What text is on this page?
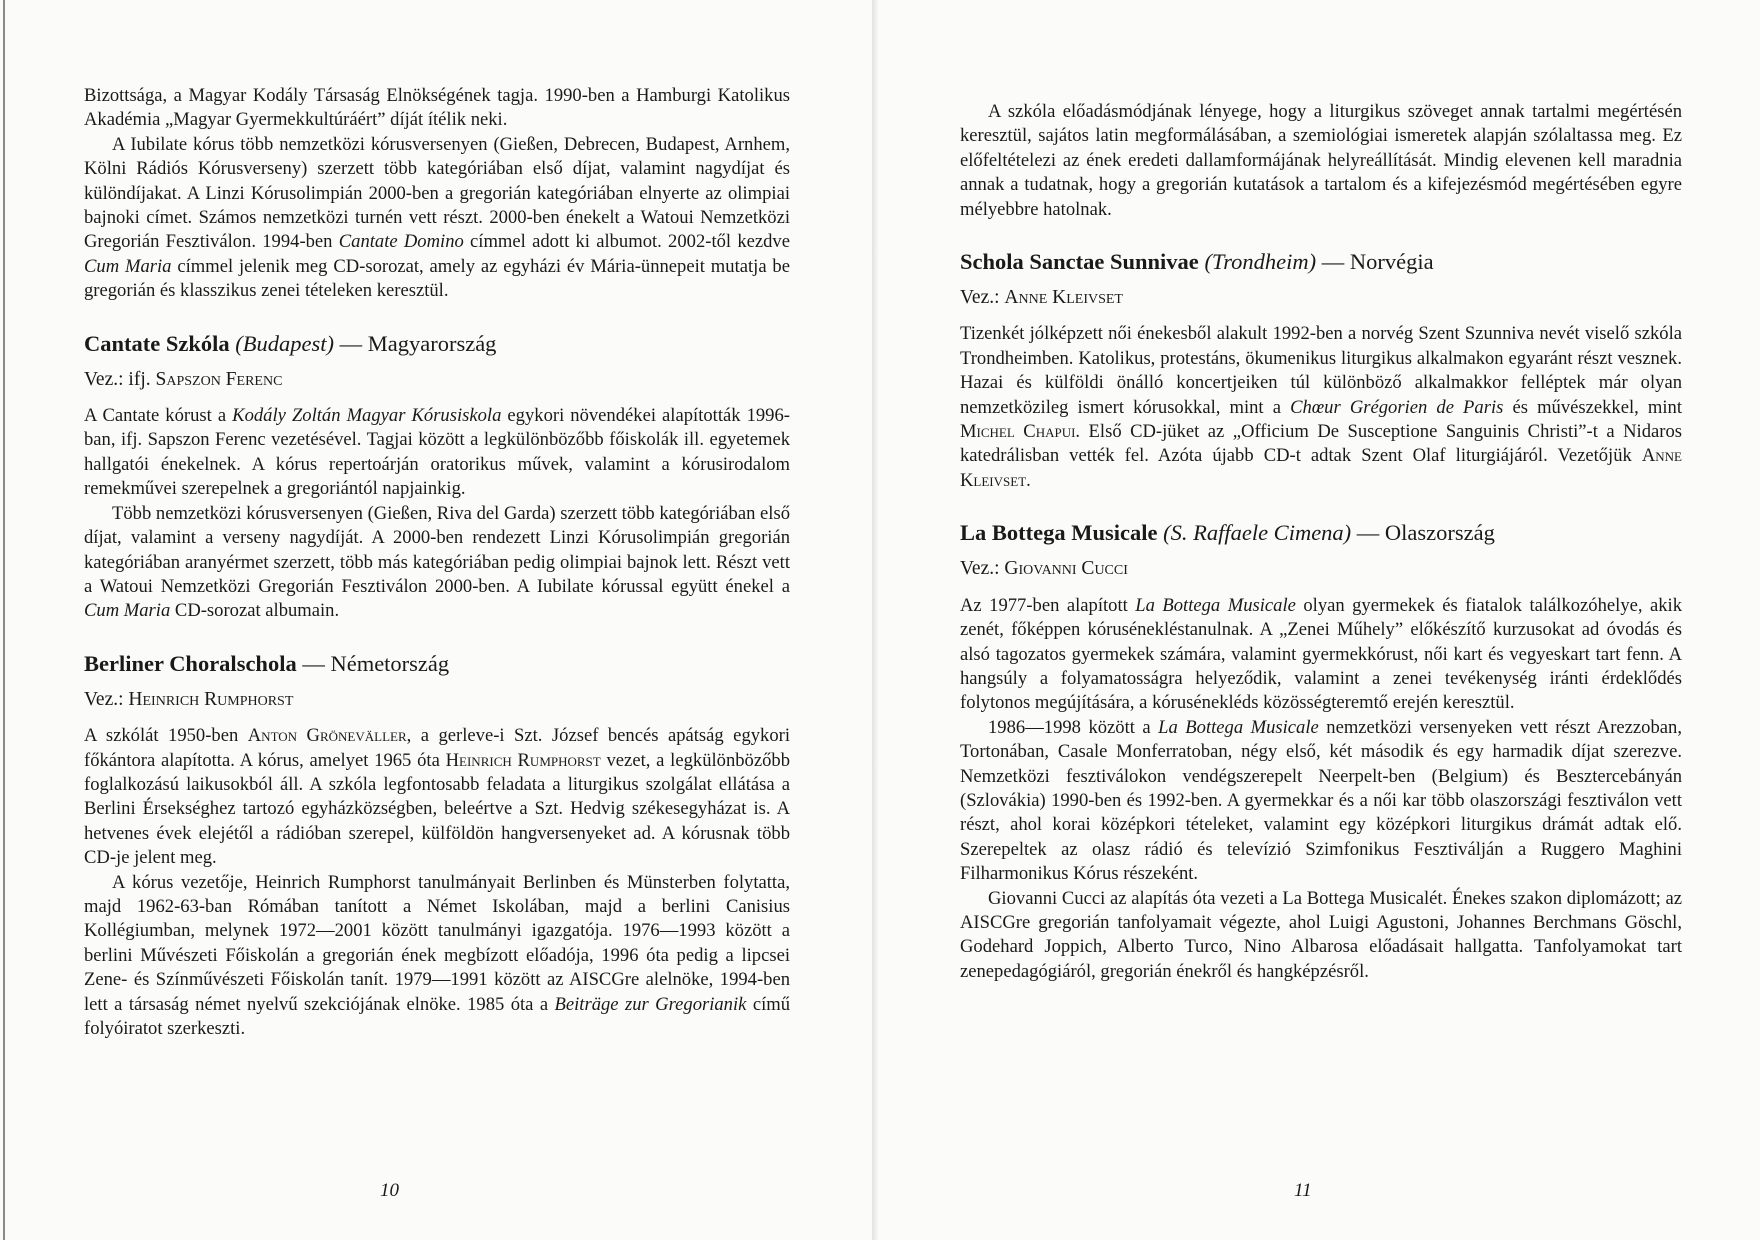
Bizottsága, a Magyar Kodály Társaság Elnökségének tagja. 1990-ben a Hamburgi Katolikus Akadémia „Magyar Gyermekkultúráért” díját ítélik neki.

A Iubilate kórus több nemzetközi kórusversenyen (Gießen, Debrecen, Budapest, Arnhem, Kölni Rádiós Kórusverseny) szerzett több kategóriában első díjat, valamint nagydíjat és különdíjakat. A Linzi Kórusolimpián 2000-ben a gregorián kategóriában elnyerte az olimpiai bajnoki címet. Számos nemzetközi turnén vett részt. 2000-ben énekelt a Watoui Nemzetközi Gregorián Fesztiválon. 1994-ben Cantate Domino címmel adott ki albumot. 2002-től kezdve Cum Maria címmel jelenik meg CD-sorozat, amely az egyházi év Mária-ünnepeit mutatja be gregorián és klasszikus zenei tételeken keresztül.

Cantate Szkóla (Budapest) — Magyarország
Vez.: ifj. Sapszon Ferenc

A Cantate kórust a Kodály Zoltán Magyar Kórusiskola egykori növendékei alapították 1996-ban, ifj. Sapszon Ferenc vezetésével. Tagjai között a legkülönbözőbb főiskolák ill. egyetemek hallgatói énekelnek. A kórus repertoárján oratorikus művek, valamint a kórusirodalom remekművei szerepelnek a gregoriántól napjainkig.

Több nemzetközi kórusversenyen (Gießen, Riva del Garda) szerzett több kategóriában első díjat, valamint a verseny nagydíját. A 2000-ben rendezett Linzi Kórusolimpián gregorián kategóriában aranyérmet szerzett, több más kategóriában pedig olimpiai bajnok lett. Részt vett a Watoui Nemzetközi Gregorián Fesztiválon 2000-ben. A Iubilate kórussal együtt énekel a Cum Maria CD-sorozat albumain.

Berliner Choralschola — Németország
Vez.: Heinrich Rumphorst

A szkólát 1950-ben Anton Gröneväller, a gerleve-i Szt. József bencés apátság egykori főkántora alapította. A kórus, amelyet 1965 óta Heinrich Rumphorst vezet, a legkülönbözőbb foglalkozású laikusokból áll. A szkóla legfontosabb feladata a liturgikus szolgálat ellátása a Berlini Érsekséghez tartozó egyházközségben, beleértve a Szt. Hedvig székesegyházat is. A hetvenes évek elejétől a rádióban szerepel, külföldön hangversenyeket ad. A kórusnak több CD-je jelent meg.

A kórus vezetője, Heinrich Rumphorst tanulmányait Berlinben és Münsterben folytatta, majd 1962-63-ban Rómában tanított a Német Iskolában, majd a berlini Canisius Kollégiumban, melynek 1972—2001 között tanulmányi igazgatója. 1976—1993 között a berlini Művészeti Főiskolán a gregorián ének megbízott előadója, 1996 óta pedig a lipcsei Zene- és Színművészeti Főiskolán tanít. 1979—1991 között az AISCGre alelnöke, 1994-ben lett a társaság német nyelvű szekciójának elnöke. 1985 óta a Beiträge zur Gregorianik című folyóiratot szerkeszti.

10

A szkóla előadásmódjának lényege, hogy a liturgikus szöveget annak tartalmi megértésén keresztül, sajátos latin megformálásában, a szemiológiai ismeretek alapján szólaltassa meg. Ez előfeltételezi az ének eredeti dallamformájának helyreállítását. Mindig elevenen kell maradnia annak a tudatnak, hogy a gregorián kutatások a tartalom és a kifejezésmód megértésében egyre mélyebbre hatolnak.

Schola Sanctae Sunnivae (Trondheim) — Norvégia
Vez.: Anne Kleivset

Tizenkét jólképzett női énekesből alakult 1992-ben a norvég Szent Szunniva nevét viselő szkóla Trondheimben. Katolikus, protestáns, ökumenikus liturgikus alkalmakon egyaránt részt vesznek. Hazai és külföldi önálló koncertjeiken túl különböző alkalmakkor felléptek már olyan nemzetközileg ismert kórusokkal, mint a Chœur Grégorien de Paris és művészekkel, mint Michel Chapui. Első CD-jüket az „Officium De Susceptione Sanguinis Christi”-t a Nidaros katedrálisban vették fel. Azóta újabb CD-t adtak Szent Olaf liturgiájáról. Vezetőjük Anne Kleivset.

La Bottega Musicale (S. Raffaele Cimena) — Olaszország
Vez.: Giovanni Cucci

Az 1977-ben alapított La Bottega Musicale olyan gyermekek és fiatalok találkozóhelye, akik zenét, főképpen kórusénekléstanulnak. A „Zenei Műhely” előkészítő kurzusokat ad óvodás és alsó tagozatos gyermekek számára, valamint gyermekkórust, női kart és vegyeskart tart fenn. A hangsúly a folyamatosságra helyeződik, valamint a zenei tevékenység iránti érdeklődés folytonos megújítására, a kórusénekléds közösségteremtő erején keresztül.

1986—1998 között a La Bottega Musicale nemzetközi versenyeken vett részt Arezzoban, Tortonában, Casale Monferratoban, négy első, két második és egy harmadik díjat szerezve. Nemzetközi fesztiválokon vendégszerepelt Neerpelt-ben (Belgium) és Besztercebányán (Szlovákia) 1990-ben és 1992-ben. A gyermekkar és a női kar több olaszországi fesztiválon vett részt, ahol korai középkori tételeket, valamint egy középkori liturgikus drámát adtak elő. Szerepeltek az olasz rádió és televízió Szimfonikus Fesztiválján a Ruggero Maghini Filharmonikus Kórus részeként.

Giovanni Cucci az alapítás óta vezeti a La Bottega Musicalét. Énekes szakon diplomázott; az AISCGre gregorián tanfolyamait végezte, ahol Luigi Agustoni, Johannes Berchmans Göschl, Godehard Joppich, Alberto Turco, Nino Albarosa előadásait hallgatta. Tanfolyamokat tart zenepedagógiáról, gregorián énekről és hangképzésről.

11
